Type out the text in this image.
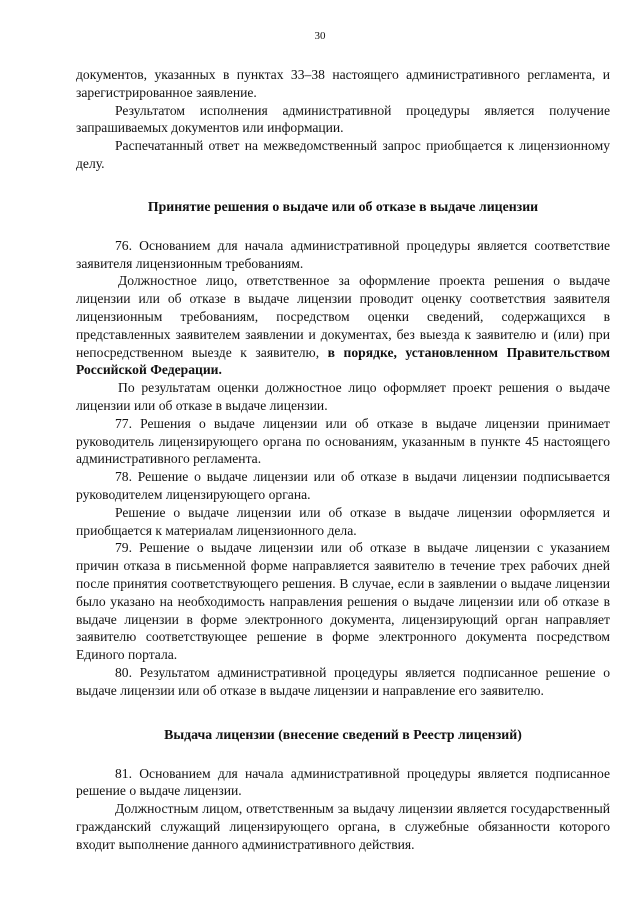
30

документов, указанных в пунктах 33–38 настоящего административного регламента, и зарегистрированное заявление.

Результатом исполнения административной процедуры является получение запрашиваемых документов или информации.

Распечатанный ответ на межведомственный запрос приобщается к лицензионному делу.

Принятие решения о выдаче или об отказе в выдаче лицензии

76. Основанием для начала административной процедуры является соответствие заявителя лицензионным требованиям.

Должностное лицо, ответственное за оформление проекта решения о выдаче лицензии или об отказе в выдаче лицензии проводит оценку соответствия заявителя лицензионным требованиям, посредством оценки сведений, содержащихся в представленных заявителем заявлении и документах, без выезда к заявителю и (или) при непосредственном выезде к заявителю, в порядке, установленном Правительством Российской Федерации.

По результатам оценки должностное лицо оформляет проект решения о выдаче лицензии или об отказе в выдаче лицензии.

77. Решения о выдаче лицензии или об отказе в выдаче лицензии принимает руководитель лицензирующего органа по основаниям, указанным в пункте 45 настоящего административного регламента.

78. Решение о выдаче лицензии или об отказе в выдачи лицензии подписывается руководителем лицензирующего органа.

Решение о выдаче лицензии или об отказе в выдаче лицензии оформляется и приобщается к материалам лицензионного дела.

79. Решение о выдаче лицензии или об отказе в выдаче лицензии с указанием причин отказа в письменной форме направляется заявителю в течение трех рабочих дней после принятия соответствующего решения. В случае, если в заявлении о выдаче лицензии было указано на необходимость направления решения о выдаче лицензии или об отказе в выдаче лицензии в форме электронного документа, лицензирующий орган направляет заявителю соответствующее решение в форме электронного документа посредством Единого портала.

80. Результатом административной процедуры является подписанное решение о выдаче лицензии или об отказе в выдаче лицензии и направление его заявителю.

Выдача лицензии (внесение сведений в Реестр лицензий)

81. Основанием для начала административной процедуры является подписанное решение о выдаче лицензии.

Должностным лицом, ответственным за выдачу лицензии является государственный гражданский служащий лицензирующего органа, в служебные обязанности которого входит выполнение данного административного действия.
